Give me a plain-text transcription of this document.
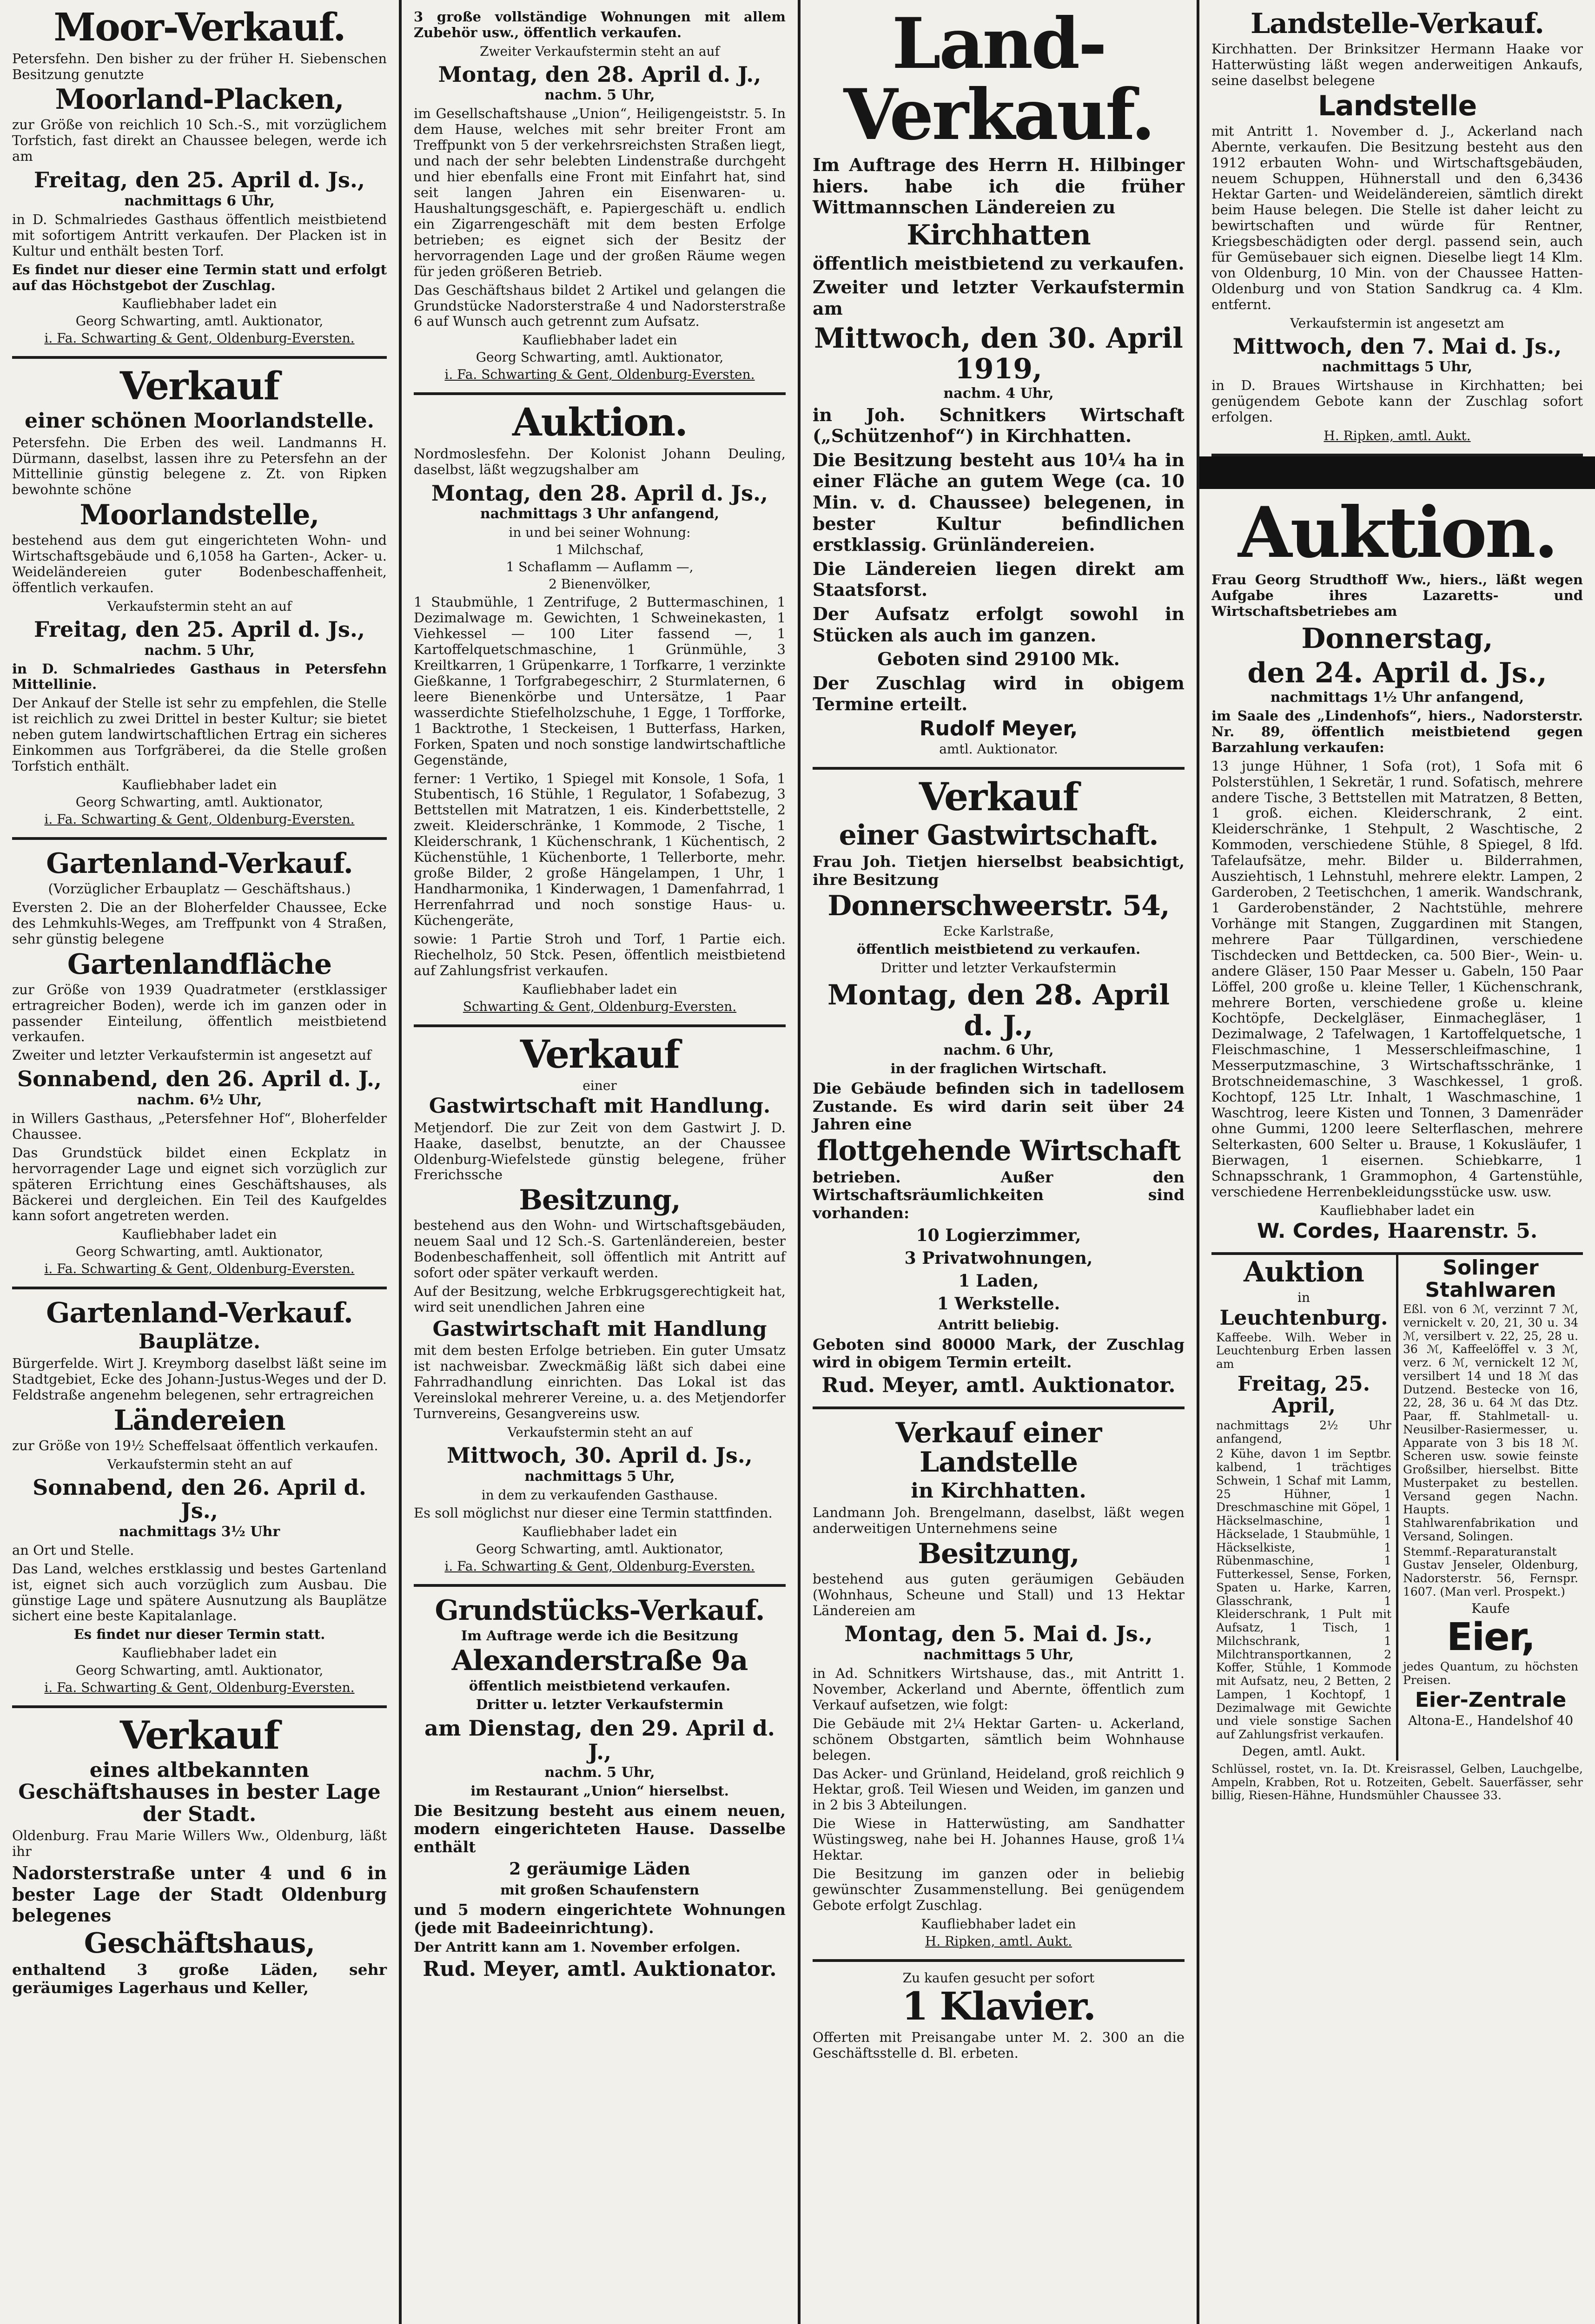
Moor-Verkauf.
Petersfehn. Den bisher zu der früher H. Siebenschen Besitzung genutzte
Moorland-Placken,
zur Größe von reichlich 10 Sch.-S., mit vorzüglichem Torfstich, fast direkt an Chaussee belegen, werde ich am
Freitag, den 25. April d. Js.,
nachmittags 6 Uhr,
in D. Schmalriedes Gasthaus öffentlich meistbietend mit sofortigem Antritt verkaufen. Der Placken ist in Kultur und enthält besten Torf.
Es findet nur dieser eine Termin statt und erfolgt auf das Höchstgebot der Zuschlag.
Kaufliebhaber ladet ein
Georg Schwarting, amtl. Auktionator,
i. Fa. Schwarting & Gent, Oldenburg-Eversten.
Verkauf
einer schönen Moorlandstelle.
Petersfehn. Die Erben des weil. Landmanns H. Dürmann, daselbst, lassen ihre zu Petersfehn an der Mittellinie günstig belegene z. Zt. von Ripken bewohnte schöne
Moorlandstelle,
bestehend aus dem gut eingerichteten Wohn- und Wirtschaftsgebäude und 6,1058 ha Garten-, Acker- u. Weideländereien guter Bodenbeschaffenheit, öffentlich verkaufen.
Verkaufstermin steht an auf
Freitag, den 25. April d. Js.,
nachm. 5 Uhr,
in D. Schmalriedes Gasthaus in Petersfehn Mittellinie.
Der Ankauf der Stelle ist sehr zu empfehlen, die Stelle ist reichlich zu zwei Drittel in bester Kultur; sie bietet neben gutem landwirtschaftlichen Ertrag ein sicheres Einkommen aus Torfgräberei, da die Stelle großen Torfstich enthält.
Kaufliebhaber ladet ein
Georg Schwarting, amtl. Auktionator,
i. Fa. Schwarting & Gent, Oldenburg-Eversten.
Gartenland-Verkauf.
(Vorzüglicher Erbauplatz — Geschäftshaus.)
Eversten 2. Die an der Bloherfelder Chaussee, Ecke des Lehmkuhls-Weges, am Treffpunkt von 4 Straßen, sehr günstig belegene
Gartenlandfläche
zur Größe von 1939 Quadratmeter (erstklassiger ertragreicher Boden), werde ich im ganzen oder in passender Einteilung, öffentlich meistbietend verkaufen.
Zweiter und letzter Verkaufstermin ist angesetzt auf
Sonnabend, den 26. April d. J.,
nachm. 6½ Uhr,
in Willers Gasthaus, „Petersfehner Hof“, Bloherfelder Chaussee.
Das Grundstück bildet einen Eckplatz in hervorragender Lage und eignet sich vorzüglich zur späteren Errichtung eines Geschäftshauses, als Bäckerei und dergleichen. Ein Teil des Kaufgeldes kann sofort angetreten werden.
Kaufliebhaber ladet ein
Georg Schwarting, amtl. Auktionator,
i. Fa. Schwarting & Gent, Oldenburg-Eversten.
Gartenland-Verkauf.
Bauplätze.
Bürgerfelde. Wirt J. Kreymborg daselbst läßt seine im Stadtgebiet, Ecke des Johann-Justus-Weges und der D. Feldstraße angenehm belegenen, sehr ertragreichen
Ländereien
zur Größe von 19½ Scheffelsaat öffentlich verkaufen.
Verkaufstermin steht an auf
Sonnabend, den 26. April d. Js.,
nachmittags 3½ Uhr
an Ort und Stelle.
Das Land, welches erstklassig und bestes Gartenland ist, eignet sich auch vorzüglich zum Ausbau. Die günstige Lage und spätere Ausnutzung als Bauplätze sichert eine beste Kapitalanlage.
Es findet nur dieser Termin statt.
Kaufliebhaber ladet ein
Georg Schwarting, amtl. Auktionator,
i. Fa. Schwarting & Gent, Oldenburg-Eversten.
Verkauf
eines altbekannten Geschäftshauses in bester Lage der Stadt.
Oldenburg. Frau Marie Willers Ww., Oldenburg, läßt ihr
Nadorsterstraße unter 4 und 6 in bester Lage der Stadt Oldenburg belegenes
Geschäftshaus,
enthaltend 3 große Läden, sehr geräumiges Lagerhaus und Keller,
3 große vollständige Wohnungen mit allem Zubehör usw., öffentlich verkaufen.
Zweiter Verkaufstermin steht an auf
Montag, den 28. April d. J.,
nachm. 5 Uhr,
im Gesellschaftshause „Union“, Heiligengeiststr. 5. In dem Hause, welches mit sehr breiter Front am Treffpunkt von 5 der verkehrsreichsten Straßen liegt, und nach der sehr belebten Lindenstraße durchgeht und hier ebenfalls eine Front mit Einfahrt hat, sind seit langen Jahren ein Eisenwaren- u. Haushaltungsgeschäft, e. Papiergeschäft u. endlich ein Zigarrengeschäft mit dem besten Erfolge betrieben; es eignet sich der Besitz der hervorragenden Lage und der großen Räume wegen für jeden größeren Betrieb.
Das Geschäftshaus bildet 2 Artikel und gelangen die Grundstücke Nadorsterstraße 4 und Nadorsterstraße 6 auf Wunsch auch getrennt zum Aufsatz.
Kaufliebhaber ladet ein
Georg Schwarting, amtl. Auktionator,
i. Fa. Schwarting & Gent, Oldenburg-Eversten.
Auktion.
Nordmoslesfehn. Der Kolonist Johann Deuling, daselbst, läßt wegzugshalber am
Montag, den 28. April d. Js.,
nachmittags 3 Uhr anfangend,
in und bei seiner Wohnung:
1 Milchschaf,
1 Schaflamm — Auflamm —,
2 Bienenvölker,
1 Staubmühle, 1 Zentrifuge, 2 Buttermaschinen, 1 Dezimalwage m. Gewichten, 1 Schweinekasten, 1 Viehkessel — 100 Liter fassend —, 1 Kartoffelquetschmaschine, 1 Grünmühle, 3 Kreiltkarren, 1 Grüpenkarre, 1 Torfkarre, 1 verzinkte Gießkanne, 1 Torfgrabegeschirr, 2 Sturmlaternen, 6 leere Bienenkörbe und Untersätze, 1 Paar wasserdichte Stiefelholzschuhe, 1 Egge, 1 Torfforke, 1 Backtrothe, 1 Steckeisen, 1 Butterfass, Harken, Forken, Spaten und noch sonstige landwirtschaftliche Gegenstände,
ferner: 1 Vertiko, 1 Spiegel mit Konsole, 1 Sofa, 1 Stubentisch, 16 Stühle, 1 Regulator, 1 Sofabezug, 3 Bettstellen mit Matratzen, 1 eis. Kinderbettstelle, 2 zweit. Kleiderschränke, 1 Kommode, 2 Tische, 1 Kleiderschrank, 1 Küchenschrank, 1 Küchentisch, 2 Küchenstühle, 1 Küchenborte, 1 Tellerborte, mehr. große Bilder, 2 große Hängelampen, 1 Uhr, 1 Handharmonika, 1 Kinderwagen, 1 Damenfahrrad, 1 Herrenfahrrad und noch sonstige Haus- u. Küchengeräte,
sowie: 1 Partie Stroh und Torf, 1 Partie eich. Riechelholz, 50 Stck. Pesen, öffentlich meistbietend auf Zahlungsfrist verkaufen.
Kaufliebhaber ladet ein
Schwarting & Gent, Oldenburg-Eversten.
Verkauf
einer
Gastwirtschaft mit Handlung.
Metjendorf. Die zur Zeit von dem Gastwirt J. D. Haake, daselbst, benutzte, an der Chaussee Oldenburg-Wiefelstede günstig belegene, früher Frerichssche
Besitzung,
bestehend aus den Wohn- und Wirtschaftsgebäuden, neuem Saal und 12 Sch.-S. Gartenländereien, bester Bodenbeschaffenheit, soll öffentlich mit Antritt auf sofort oder später verkauft werden.
Auf der Besitzung, welche Erbkrugsgerechtigkeit hat, wird seit unendlichen Jahren eine
Gastwirtschaft mit Handlung
mit dem besten Erfolge betrieben. Ein guter Umsatz ist nachweisbar. Zweckmäßig läßt sich dabei eine Fahrradhandlung einrichten. Das Lokal ist das Vereinslokal mehrerer Vereine, u. a. des Metjendorfer Turnvereins, Gesangvereins usw.
Verkaufstermin steht an auf
Mittwoch, 30. April d. Js.,
nachmittags 5 Uhr,
in dem zu verkaufenden Gasthause.
Es soll möglichst nur dieser eine Termin stattfinden.
Kaufliebhaber ladet ein
Georg Schwarting, amtl. Auktionator,
i. Fa. Schwarting & Gent, Oldenburg-Eversten.
Grundstücks-Verkauf.
Im Auftrage werde ich die Besitzung
Alexanderstraße 9a
öffentlich meistbietend verkaufen.
Dritter u. letzter Verkaufstermin
am Dienstag, den 29. April d. J.,
nachm. 5 Uhr,
im Restaurant „Union“ hierselbst.
Die Besitzung besteht aus einem neuen, modern eingerichteten Hause. Dasselbe enthält
2 geräumige Läden
mit großen Schaufenstern
und 5 modern eingerichtete Wohnungen (jede mit Badeeinrichtung).
Der Antritt kann am 1. November erfolgen.
Rud. Meyer, amtl. Auktionator.
Land-Verkauf.
Im Auftrage des Herrn H. Hilbinger hiers. habe ich die früher Wittmannschen Ländereien zu
Kirchhatten
öffentlich meistbietend zu verkaufen.
Zweiter und letzter Verkaufstermin am
Mittwoch, den 30. April 1919,
nachm. 4 Uhr,
in Joh. Schnitkers Wirtschaft („Schützenhof“) in Kirchhatten.
Die Besitzung besteht aus 10¼ ha in einer Fläche an gutem Wege (ca. 10 Min. v. d. Chaussee) belegenen, in bester Kultur befindlichen erstklassig. Grünländereien.
Die Ländereien liegen direkt am Staatsforst.
Der Aufsatz erfolgt sowohl in Stücken als auch im ganzen.
Geboten sind 29100 Mk.
Der Zuschlag wird in obigem Termine erteilt.
Rudolf Meyer,
amtl. Auktionator.
Verkauf
einer Gastwirtschaft.
Frau Joh. Tietjen hierselbst beabsichtigt, ihre Besitzung
Donnerschweerstr. 54,
Ecke Karlstraße,
öffentlich meistbietend zu verkaufen.
Dritter und letzter Verkaufstermin
Montag, den 28. April d. J.,
nachm. 6 Uhr,
in der fraglichen Wirtschaft.
Die Gebäude befinden sich in tadellosem Zustande. Es wird darin seit über 24 Jahren eine
flottgehende Wirtschaft
betrieben. Außer den Wirtschaftsräumlichkeiten sind vorhanden:
10 Logierzimmer,
3 Privatwohnungen,
1 Laden,
1 Werkstelle.
Antritt beliebig.
Geboten sind 80000 Mark, der Zuschlag wird in obigem Termin erteilt.
Rud. Meyer, amtl. Auktionator.
Verkauf einer Landstelle
in Kirchhatten.
Landmann Joh. Brengelmann, daselbst, läßt wegen anderweitigen Unternehmens seine
Besitzung,
bestehend aus guten geräumigen Gebäuden (Wohnhaus, Scheune und Stall) und 13 Hektar Ländereien am
Montag, den 5. Mai d. Js.,
nachmittags 5 Uhr,
in Ad. Schnitkers Wirtshause, das., mit Antritt 1. November, Ackerland und Abernte, öffentlich zum Verkauf aufsetzen, wie folgt:
Die Gebäude mit 2¼ Hektar Garten- u. Ackerland, schönem Obstgarten, sämtlich beim Wohnhause belegen.
Das Acker- und Grünland, Heideland, groß reichlich 9 Hektar, groß. Teil Wiesen und Weiden, im ganzen und in 2 bis 3 Abteilungen.
Die Wiese in Hatterwüsting, am Sandhatter Wüstingsweg, nahe bei H. Johannes Hause, groß 1¼ Hektar.
Die Besitzung im ganzen oder in beliebig gewünschter Zusammenstellung. Bei genügendem Gebote erfolgt Zuschlag.
Kaufliebhaber ladet ein
H. Ripken, amtl. Aukt.
Zu kaufen gesucht per sofort
1 Klavier.
Offerten mit Preisangabe unter M. 2. 300 an die Geschäftsstelle d. Bl. erbeten.
Landstelle-Verkauf.
Kirchhatten. Der Brinksitzer Hermann Haake vor Hatterwüsting läßt wegen anderweitigen Ankaufs, seine daselbst belegene
Landstelle
mit Antritt 1. November d. J., Ackerland nach Abernte, verkaufen. Die Besitzung besteht aus den 1912 erbauten Wohn- und Wirtschaftsgebäuden, neuem Schuppen, Hühnerstall und den 6,3436 Hektar Garten- und Weideländereien, sämtlich direkt beim Hause belegen. Die Stelle ist daher leicht zu bewirtschaften und würde für Rentner, Kriegsbeschädigten oder dergl. passend sein, auch für Gemüsebauer sich eignen. Dieselbe liegt 14 Klm. von Oldenburg, 10 Min. von der Chaussee Hatten-Oldenburg und von Station Sandkrug ca. 4 Klm. entfernt.
Verkaufstermin ist angesetzt am
Mittwoch, den 7. Mai d. Js.,
nachmittags 5 Uhr,
in D. Braues Wirtshause in Kirchhatten; bei genügendem Gebote kann der Zuschlag sofort erfolgen.
H. Ripken, amtl. Aukt.
Auktion.
Frau Georg Strudthoff Ww., hiers., läßt wegen Aufgabe ihres Lazaretts- und Wirtschaftsbetriebes am
Donnerstag,
den 24. April d. Js.,
nachmittags 1½ Uhr anfangend,
im Saale des „Lindenhofs“, hiers., Nadorsterstr. Nr. 89, öffentlich meistbietend gegen Barzahlung verkaufen:
13 junge Hühner, 1 Sofa (rot), 1 Sofa mit 6 Polsterstühlen, 1 Sekretär, 1 rund. Sofatisch, mehrere andere Tische, 3 Bettstellen mit Matratzen, 8 Betten, 1 groß. eichen. Kleiderschrank, 2 eint. Kleiderschränke, 1 Stehpult, 2 Waschtische, 2 Kommoden, verschiedene Stühle, 8 Spiegel, 8 lfd. Tafelaufsätze, mehr. Bilder u. Bilderrahmen, Ausziehtisch, 1 Lehnstuhl, mehrere elektr. Lampen, 2 Garderoben, 2 Teetischchen, 1 amerik. Wandschrank, 1 Garderobenständer, 2 Nachtstühle, mehrere Vorhänge mit Stangen, Zuggardinen mit Stangen, mehrere Paar Tüllgardinen, verschiedene Tischdecken und Bettdecken, ca. 500 Bier-, Wein- u. andere Gläser, 150 Paar Messer u. Gabeln, 150 Paar Löffel, 200 große u. kleine Teller, 1 Küchenschrank, mehrere Borten, verschiedene große u. kleine Kochtöpfe, Deckelgläser, Einmachegläser, 1 Dezimalwage, 2 Tafelwagen, 1 Kartoffelquetsche, 1 Fleischmaschine, 1 Messerschleifmaschine, 1 Messerputzmaschine, 3 Wirtschaftsschränke, 1 Brotschneidemaschine, 3 Waschkessel, 1 groß. Kochtopf, 125 Ltr. Inhalt, 1 Waschmaschine, 1 Waschtrog, leere Kisten und Tonnen, 3 Damenräder ohne Gummi, 1200 leere Selterflaschen, mehrere Selterkasten, 600 Selter u. Brause, 1 Kokusläufer, 1 Bierwagen, 1 eisernen. Schiebkarre, 1 Schnapsschrank, 1 Grammophon, 4 Gartenstühle, verschiedene Herrenbekleidungsstücke usw. usw.
Kaufliebhaber ladet ein
W. Cordes, Haarenstr. 5.
Auktion
in
Leuchtenburg.
Kaffeebe. Wilh. Weber in Leuchtenburg Erben lassen am
Freitag, 25. April,
nachmittags 2½ Uhr anfangend,
2 Kühe, davon 1 im Septbr. kalbend, 1 trächtiges Schwein, 1 Schaf mit Lamm, 25 Hühner, 1 Dreschmaschine mit Göpel, 1 Häckselmaschine, 1 Häckselade, 1 Staubmühle, 1 Häckselkiste, 1 Rübenmaschine, 1 Futterkessel, Sense, Forken, Spaten u. Harke, Karren, Glasschrank, 1 Kleiderschrank, 1 Pult mit Aufsatz, 1 Tisch, 1 Milchschrank, 1 Milchtransportkannen, 2 Koffer, Stühle, 1 Kommode mit Aufsatz, neu, 2 Betten, 2 Lampen, 1 Kochtopf, 1 Dezimalwage mit Gewichte und viele sonstige Sachen auf Zahlungsfrist verkaufen.
Degen, amtl. Aukt.
Solinger Stahlwaren
Eßl. von 6 ℳ, verzinnt 7 ℳ, vernickelt v. 20, 21, 30 u. 34 ℳ, versilbert v. 22, 25, 28 u. 36 ℳ, Kaffeelöffel v. 3 ℳ, verz. 6 ℳ, vernickelt 12 ℳ, versilbert 14 und 18 ℳ das Dutzend. Bestecke von 16, 22, 28, 36 u. 64 ℳ das Dtz. Paar, ff. Stahlmetall- u. Neusilber-Rasiermesser, u. Apparate von 3 bis 18 ℳ. Scheren usw. sowie feinste Großsilber, hierselbst. Bitte Musterpaket zu bestellen. Versand gegen Nachn. Haupts. Stahlwarenfabrikation und Versand, Solingen.
Stemmf.-Reparaturanstalt Gustav Jenseler, Oldenburg, Nadorsterstr. 56, Fernspr. 1607. (Man verl. Prospekt.)
Kaufe
Eier,
jedes Quantum, zu höchsten Preisen.
Eier-Zentrale
Altona-E., Handelshof 40
Schlüssel, rostet, vn. Ia. Dt. Kreisrassel, Gelben, Lauchgelbe, Ampeln, Krabben, Rot u. Rotzeiten, Gebelt. Sauerfässer, sehr billig, Riesen-Hähne, Hundsmühler Chaussee 33.
